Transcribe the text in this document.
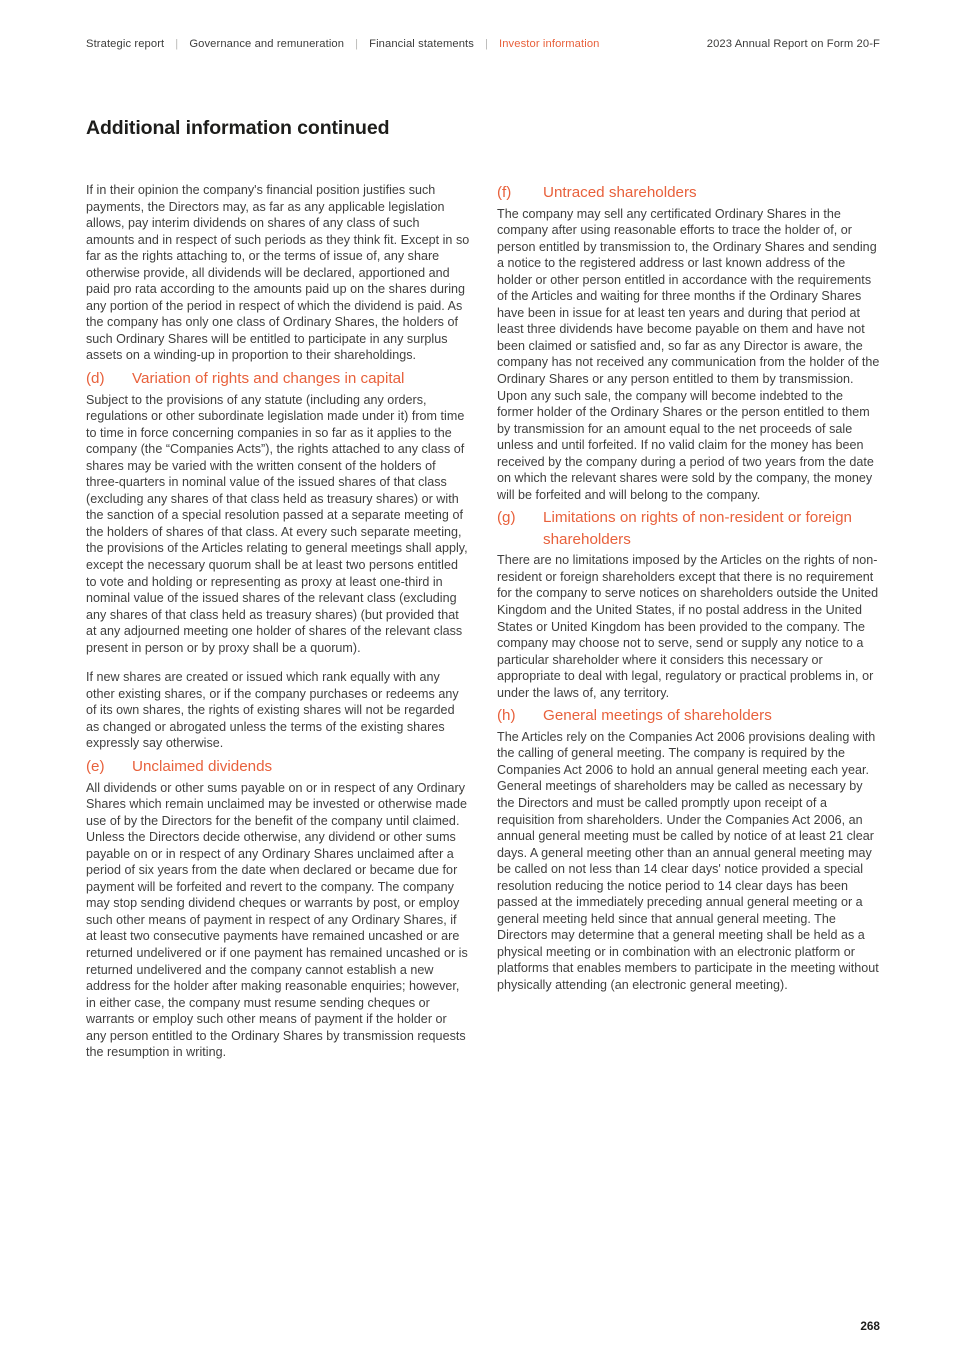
Strategic report | Governance and remuneration | Financial statements | Investor information	2023 Annual Report on Form 20-F
Additional information continued

If in their opinion the company's financial position justifies such payments, the Directors may, as far as any applicable legislation allows, pay interim dividends on shares of any class of such amounts and in respect of such periods as they think fit. Except in so far as the rights attaching to, or the terms of issue of, any share otherwise provide, all dividends will be declared, apportioned and paid pro rata according to the amounts paid up on the shares during any portion of the period in respect of which the dividend is paid. As the company has only one class of Ordinary Shares, the holders of such Ordinary Shares will be entitled to participate in any surplus assets on a winding-up in proportion to their shareholdings.

(d)	Variation of rights and changes in capital

Subject to the provisions of any statute (including any orders, regulations or other subordinate legislation made under it) from time to time in force concerning companies in so far as it applies to the company (the “Companies Acts”), the rights attached to any class of shares may be varied with the written consent of the holders of three-quarters in nominal value of the issued shares of that class (excluding any shares of that class held as treasury shares) or with the sanction of a special resolution passed at a separate meeting of the holders of shares of that class. At every such separate meeting, the provisions of the Articles relating to general meetings shall apply, except the necessary quorum shall be at least two persons entitled to vote and holding or representing as proxy at least one-third in nominal value of the issued shares of the relevant class (excluding any shares of that class held as treasury shares) (but provided that at any adjourned meeting one holder of shares of the relevant class present in person or by proxy shall be a quorum).

If new shares are created or issued which rank equally with any other existing shares, or if the company purchases or redeems any of its own shares, the rights of existing shares will not be regarded as changed or abrogated unless the terms of the existing shares expressly say otherwise.

(e)	Unclaimed dividends

All dividends or other sums payable on or in respect of any Ordinary Shares which remain unclaimed may be invested or otherwise made use of by the Directors for the benefit of the company until claimed. Unless the Directors decide otherwise, any dividend or other sums payable on or in respect of any Ordinary Shares unclaimed after a period of six years from the date when declared or became due for payment will be forfeited and revert to the company. The company may stop sending dividend cheques or warrants by post, or employ such other means of payment in respect of any Ordinary Shares, if at least two consecutive payments have remained uncashed or are returned undelivered or if one payment has remained uncashed or is returned undelivered and the company cannot establish a new address for the holder after making reasonable enquiries; however, in either case, the company must resume sending cheques or warrants or employ such other means of payment if the holder or any person entitled to the Ordinary Shares by transmission requests the resumption in writing.

(f)	Untraced shareholders

The company may sell any certificated Ordinary Shares in the company after using reasonable efforts to trace the holder of, or person entitled by transmission to, the Ordinary Shares and sending a notice to the registered address or last known address of the holder or other person entitled in accordance with the requirements of the Articles and waiting for three months if the Ordinary Shares have been in issue for at least ten years and during that period at least three dividends have become payable on them and have not been claimed or satisfied and, so far as any Director is aware, the company has not received any communication from the holder of the Ordinary Shares or any person entitled to them by transmission. Upon any such sale, the company will become indebted to the former holder of the Ordinary Shares or the person entitled to them by transmission for an amount equal to the net proceeds of sale unless and until forfeited. If no valid claim for the money has been received by the company during a period of two years from the date on which the relevant shares were sold by the company, the money will be forfeited and will belong to the company.

(g)	Limitations on rights of non-resident or foreign shareholders

There are no limitations imposed by the Articles on the rights of non-resident or foreign shareholders except that there is no requirement for the company to serve notices on shareholders outside the United Kingdom and the United States, if no postal address in the United States or United Kingdom has been provided to the company. The company may choose not to serve, send or supply any notice to a particular shareholder where it considers this necessary or appropriate to deal with legal, regulatory or practical problems in, or under the laws of, any territory.

(h)	General meetings of shareholders

The Articles rely on the Companies Act 2006 provisions dealing with the calling of general meeting. The company is required by the Companies Act 2006 to hold an annual general meeting each year. General meetings of shareholders may be called as necessary by the Directors and must be called promptly upon receipt of a requisition from shareholders. Under the Companies Act 2006, an annual general meeting must be called by notice of at least 21 clear days. A general meeting other than an annual general meeting may be called on not less than 14 clear days' notice provided a special resolution reducing the notice period to 14 clear days has been passed at the immediately preceding annual general meeting or a general meeting held since that annual general meeting. The Directors may determine that a general meeting shall be held as a physical meeting or in combination with an electronic platform or platforms that enables members to participate in the meeting without physically attending (an electronic general meeting).

268
